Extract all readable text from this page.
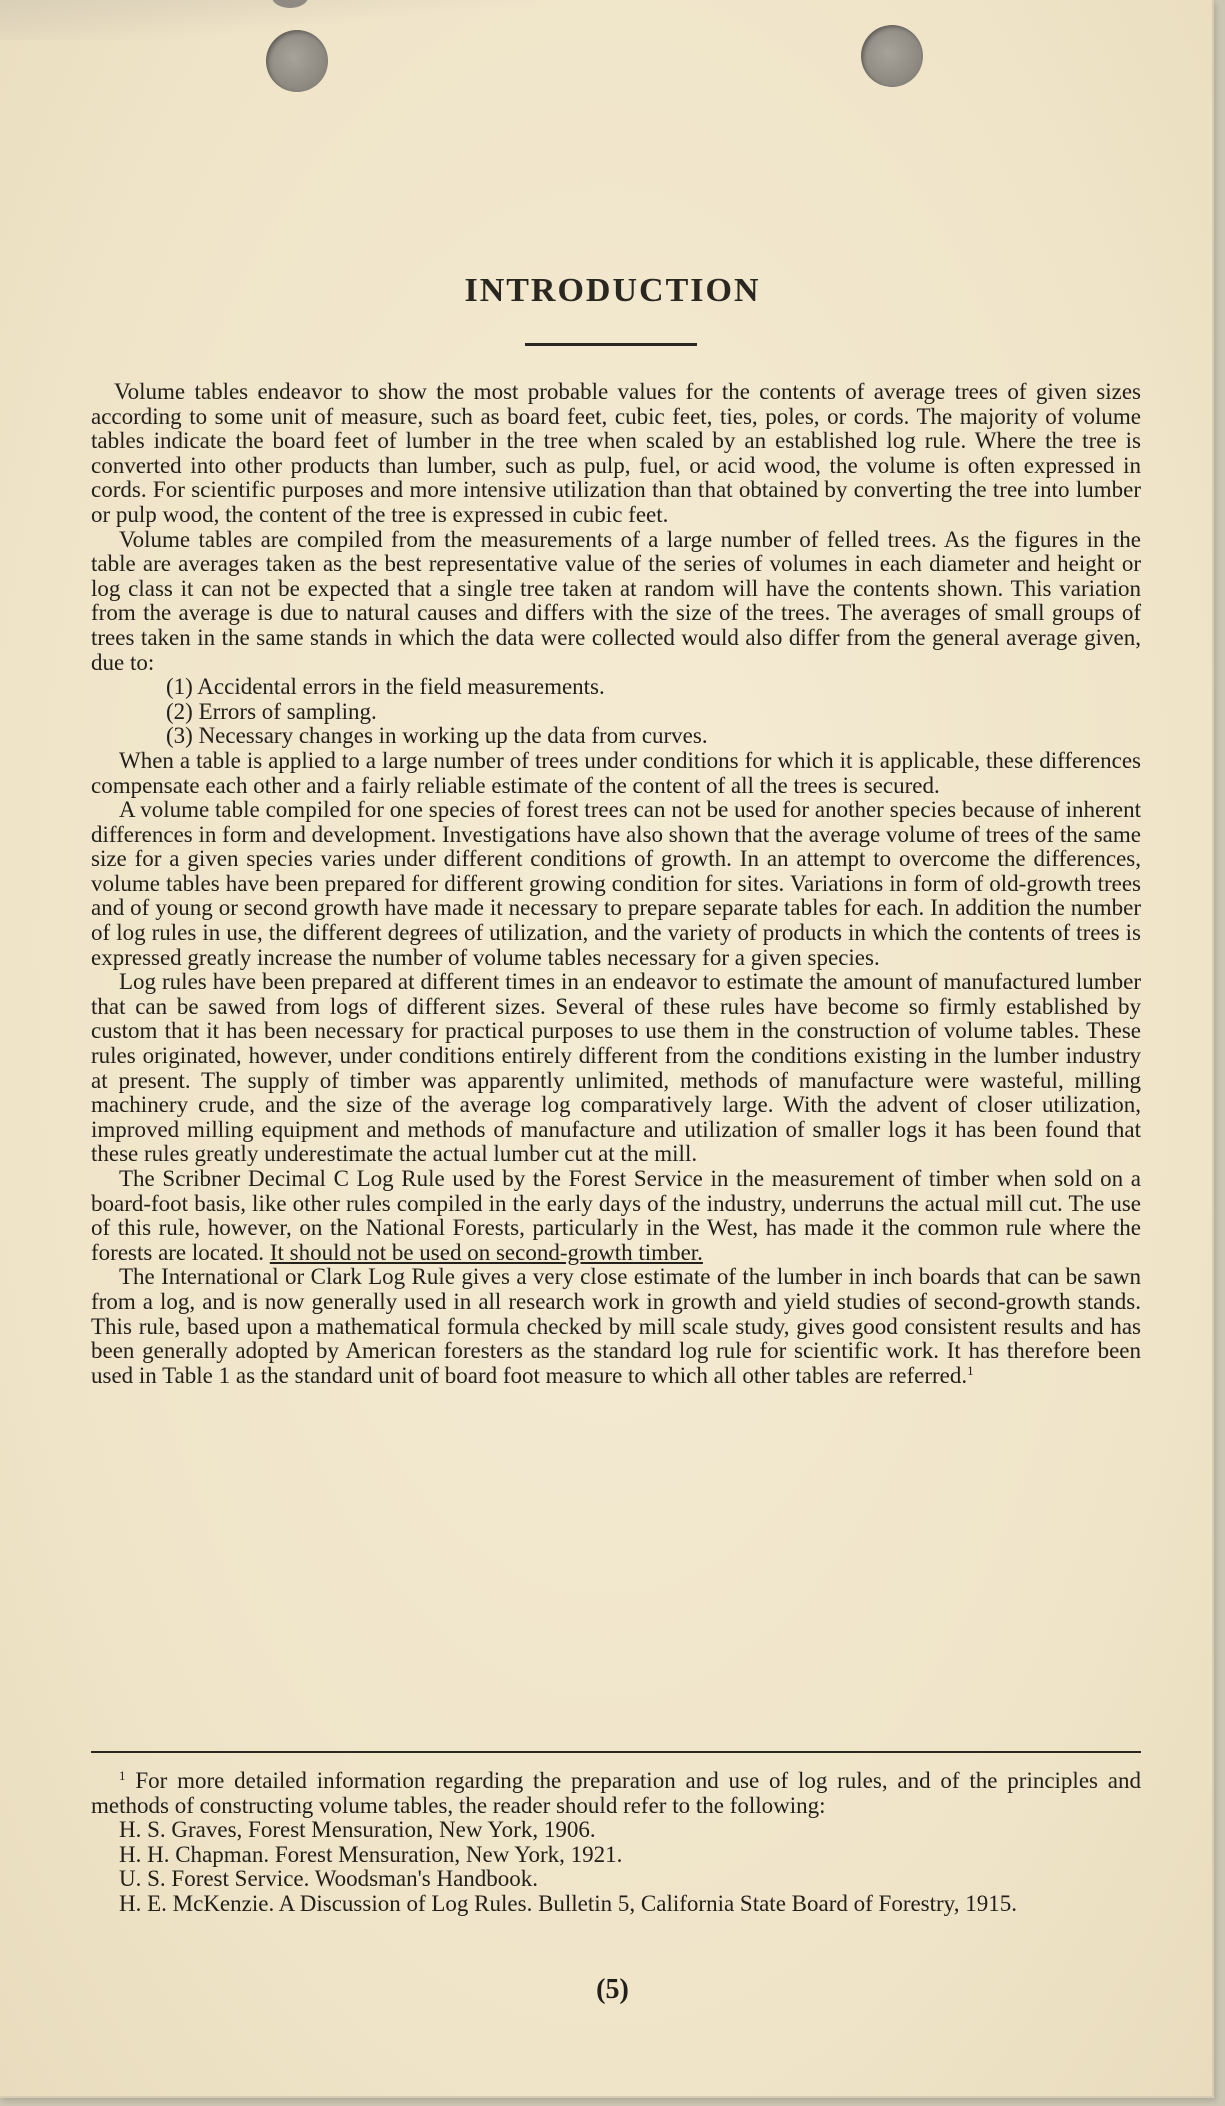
INTRODUCTION

Volume tables endeavor to show the most probable values for the contents of average trees of given sizes according to some unit of measure, such as board feet, cubic feet, ties, poles, or cords. The majority of volume tables indicate the board feet of lumber in the tree when scaled by an established log rule. Where the tree is converted into other products than lumber, such as pulp, fuel, or acid wood, the volume is often expressed in cords. For scientific purposes and more intensive utilization than that obtained by converting the tree into lumber or pulp wood, the content of the tree is expressed in cubic feet.

Volume tables are compiled from the measurements of a large number of felled trees. As the figures in the table are averages taken as the best representative value of the series of volumes in each diameter and height or log class it can not be expected that a single tree taken at random will have the contents shown. This variation from the average is due to natural causes and differs with the size of the trees. The averages of small groups of trees taken in the same stands in which the data were collected would also differ from the general average given, due to:

(1) Accidental errors in the field measurements.

(2) Errors of sampling.

(3) Necessary changes in working up the data from curves.

When a table is applied to a large number of trees under conditions for which it is applicable, these differences compensate each other and a fairly reliable estimate of the content of all the trees is secured.

A volume table compiled for one species of forest trees can not be used for another species because of inherent differences in form and development. Investigations have also shown that the average volume of trees of the same size for a given species varies under different conditions of growth. In an attempt to overcome the differences, volume tables have been prepared for different growing condition for sites. Variations in form of old-growth trees and of young or second growth have made it necessary to prepare separate tables for each. In addition the number of log rules in use, the different degrees of utilization, and the variety of products in which the contents of trees is expressed greatly increase the number of volume tables necessary for a given species.

Log rules have been prepared at different times in an endeavor to estimate the amount of manufactured lumber that can be sawed from logs of different sizes. Several of these rules have become so firmly established by custom that it has been necessary for practical purposes to use them in the construction of volume tables. These rules originated, however, under conditions entirely different from the conditions existing in the lumber industry at present. The supply of timber was apparently unlimited, methods of manufacture were wasteful, milling machinery crude, and the size of the average log comparatively large. With the advent of closer utilization, improved milling equipment and methods of manufacture and utilization of smaller logs it has been found that these rules greatly underestimate the actual lumber cut at the mill.

The Scribner Decimal C Log Rule used by the Forest Service in the measurement of timber when sold on a board-foot basis, like other rules compiled in the early days of the industry, underruns the actual mill cut. The use of this rule, however, on the National Forests, particularly in the West, has made it the common rule where the forests are located. It should not be used on second-growth timber.

The International or Clark Log Rule gives a very close estimate of the lumber in inch boards that can be sawn from a log, and is now generally used in all research work in growth and yield studies of second-growth stands. This rule, based upon a mathematical formula checked by mill scale study, gives good consistent results and has been generally adopted by American foresters as the standard log rule for scientific work. It has therefore been used in Table 1 as the standard unit of board foot measure to which all other tables are referred.$^1$

$^1$ For more detailed information regarding the preparation and use of log rules, and of the principles and methods of constructing volume tables, the reader should refer to the following:

H. S. Graves, Forest Mensuration, New York, 1906.

H. H. Chapman. Forest Mensuration, New York, 1921.

U. S. Forest Service. Woodsman's Handbook.

H. E. McKenzie. A Discussion of Log Rules. Bulletin 5, California State Board of Forestry, 1915.

(5)
